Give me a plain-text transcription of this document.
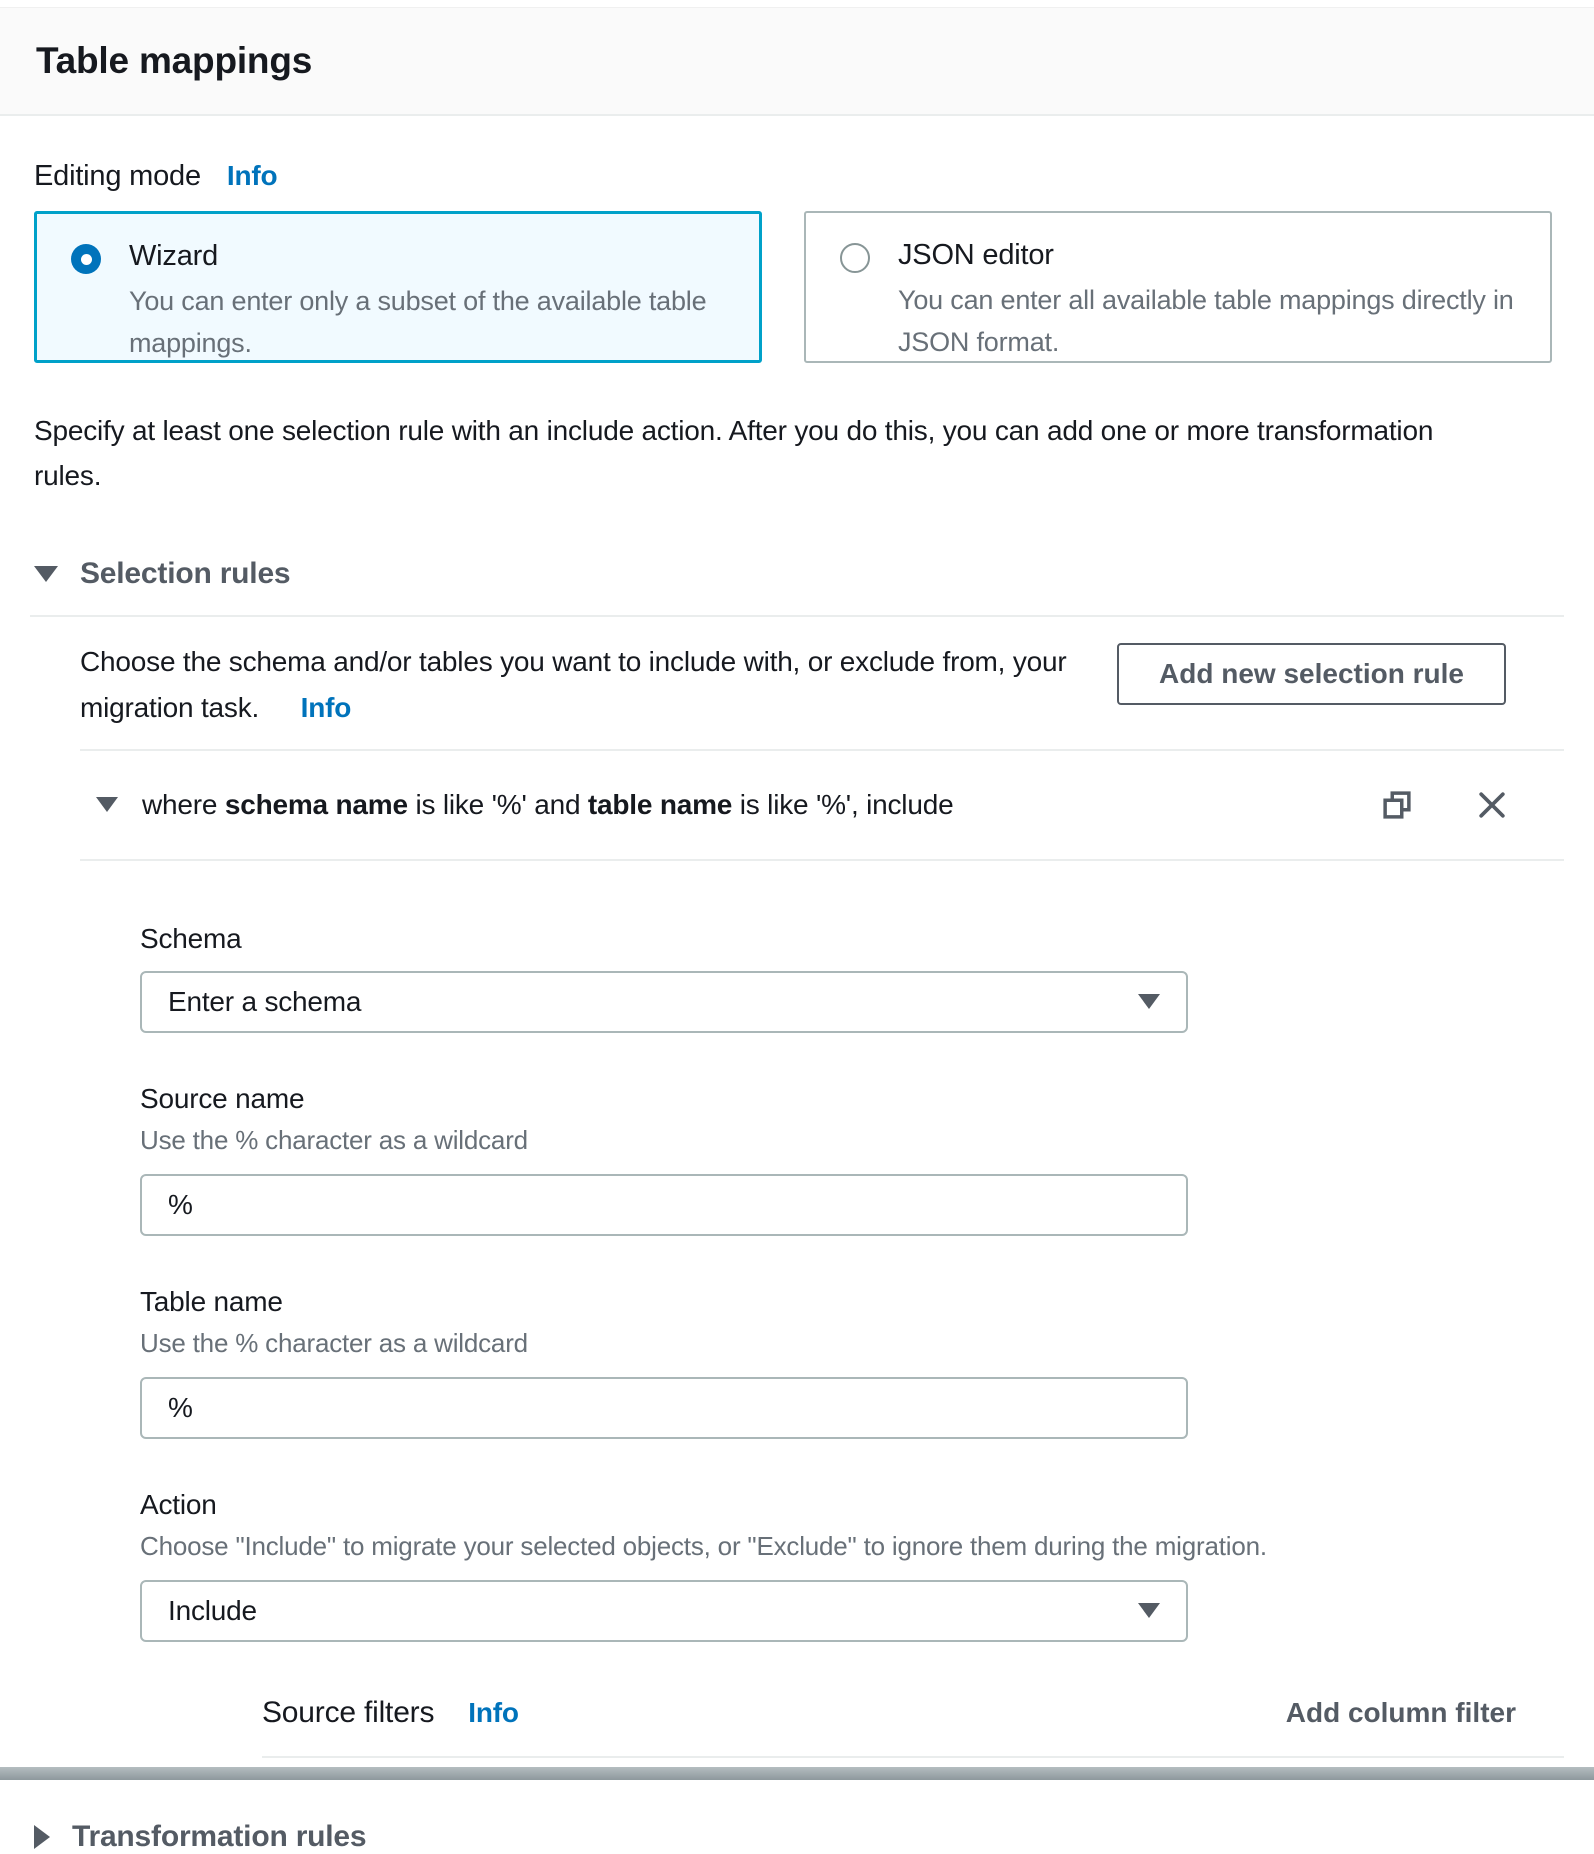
Table mappings
Editing mode Info
Wizard
You can enter only a subset of the available table
mappings.
JSON editor
You can enter all available table mappings directly in
JSON format.
Specify at least one selection rule with an include action. After you do this, you can add one or more transformation
rules.
Selection rules
Choose the schema and/or tables you want to include with, or exclude from, your
migration task. Info
Add new selection rule
where schema name is like '%' and table name is like '%', include
Schema
Enter a schema
Source name
Use the % character as a wildcard
%
Table name
Use the % character as a wildcard
%
Action
Choose "Include" to migrate your selected objects, or "Exclude" to ignore them during the migration.
Include
Source filters Info	Add column filter
Transformation rules
